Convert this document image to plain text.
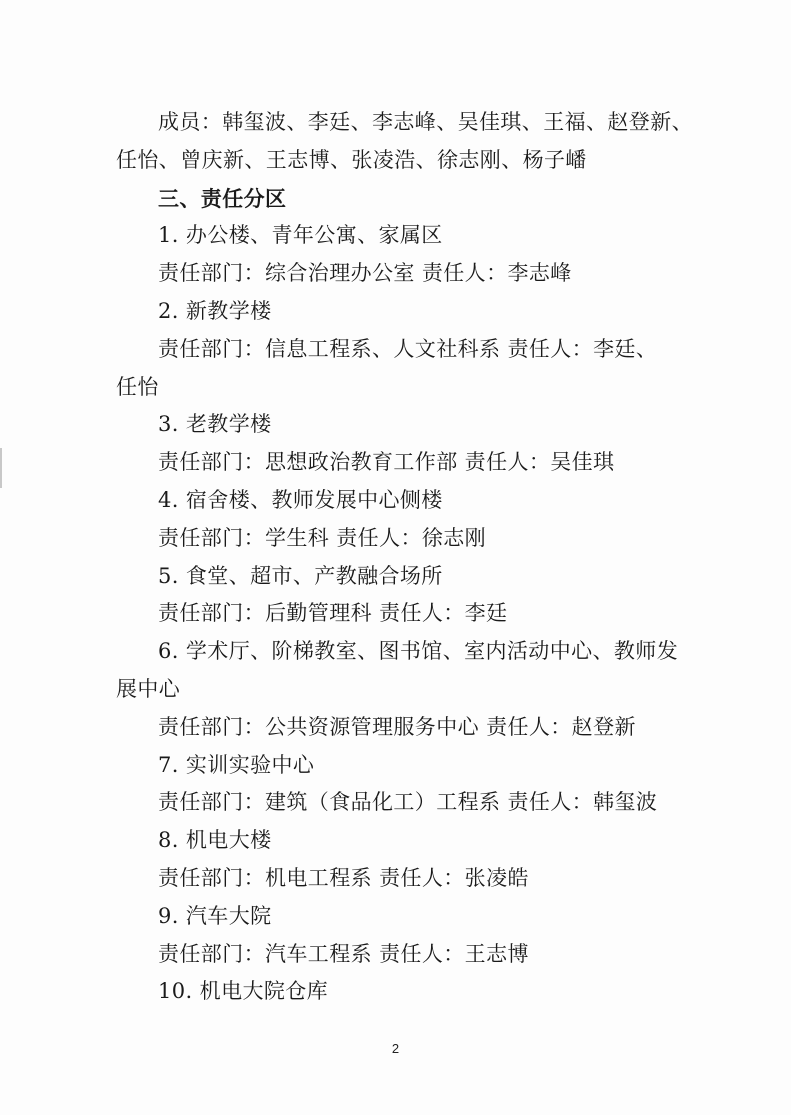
成员：韩玺波、李廷、李志峰、吴佳琪、王福、赵登新、
任怡、曾庆新、王志博、张凌浩、徐志刚、杨子嶓
三、责任分区
1. 办公楼、青年公寓、家属区
责任部门：综合治理办公室 责任人：李志峰
2. 新教学楼
责任部门：信息工程系、人文社科系 责任人：李廷、
任怡
3. 老教学楼
责任部门：思想政治教育工作部 责任人：吴佳琪
4. 宿舍楼、教师发展中心侧楼
责任部门：学生科 责任人：徐志刚
5. 食堂、超市、产教融合场所
责任部门：后勤管理科 责任人：李廷
6. 学术厅、阶梯教室、图书馆、室内活动中心、教师发
展中心
责任部门：公共资源管理服务中心 责任人：赵登新
7. 实训实验中心
责任部门：建筑（食品化工）工程系 责任人：韩玺波
8. 机电大楼
责任部门：机电工程系 责任人：张凌皓
9. 汽车大院
责任部门：汽车工程系 责任人：王志博
10. 机电大院仓库
2
